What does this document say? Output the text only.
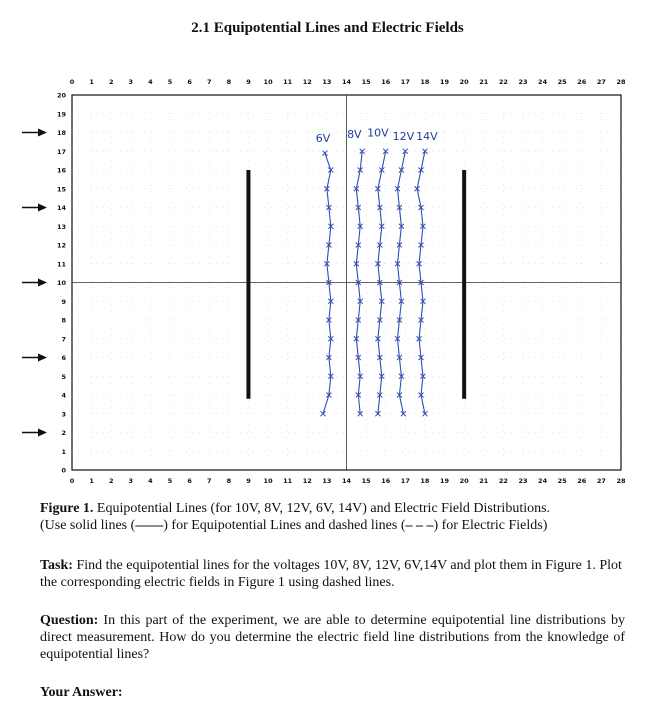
2.1 Equipotential Lines and Electric Fields
0
0
1
1
2
2
3
3
4
4
5
5
6
6
7
7
8
8
9
9
10
10
11
11
12
12
13
13
14
14
15
15
16
16
17
17
18
18
19
19
20
20
21
21
22
22
23
23
24
24
25
25
26
26
27
27
28
28
20
19
18
17
16
15
14
13
12
11
10
9
8
7
6
5
4
3
2
1
0
6V 8V 10V 12V 14V
Figure 1. Equipotential Lines (for 10V, 8V, 12V, 6V, 14V) and Electric Field Distributions.
(Use solid lines (——) for Equipotential Lines and dashed lines (– – –) for Electric Fields)
Task: Find the equipotential lines for the voltages 10V, 8V, 12V, 6V,14V and plot them in Figure 1. Plot the corresponding electric fields in Figure 1 using dashed lines.
Question: In this part of the experiment, we are able to determine equipotential line distributions by direct measurement. How do you determine the electric field line distributions from the knowledge of equipotential lines?
Your Answer:
